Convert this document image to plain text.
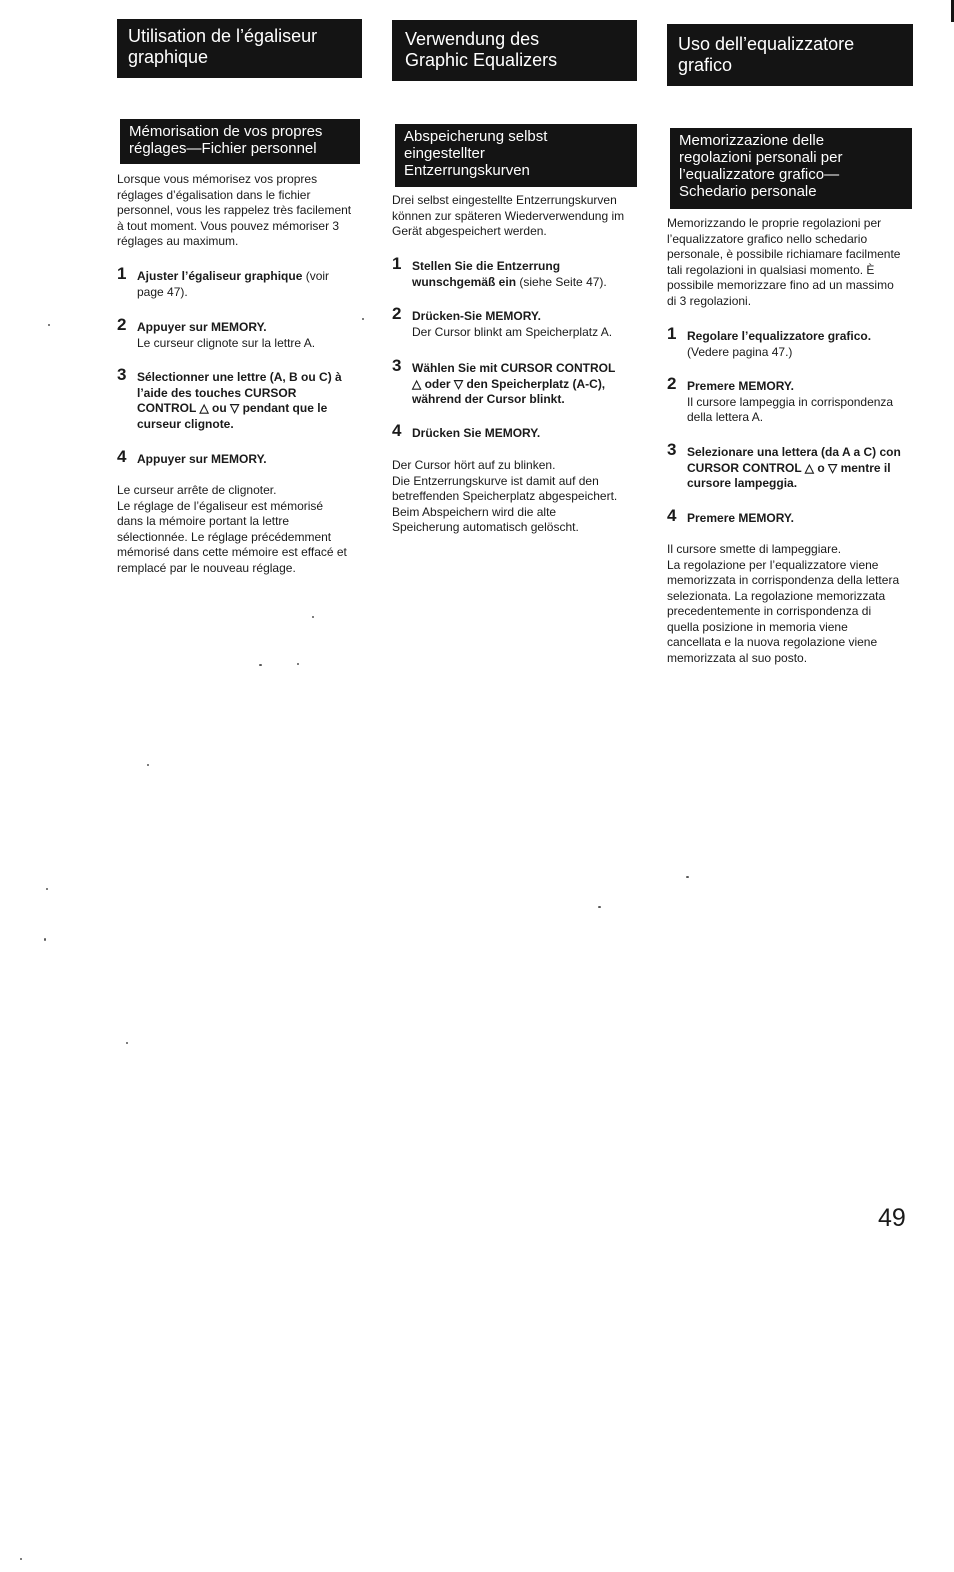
Utilisation de l’égaliseur
graphique
Mémorisation de vos propres
réglages—Fichier personnel

Lorsque vous mémorisez vos propres
réglages d’égalisation dans le fichier
personnel, vous les rappelez très facilement
à tout moment. Vous pouvez mémoriser 3
réglages au maximum.

1 Ajuster l’égaliseur graphique (voir
page 47).

2 Appuyer sur MEMORY.

Le curseur clignote sur la lettre A.

3 Sélectionner une lettre (A, B ou C) à
l’aide des touches CURSOR
CONTROL △ ou ▽ pendant que le
curseur clignote.

4 Appuyer sur MEMORY.

Le curseur arrête de clignoter.
Le réglage de l’égaliseur est mémorisé
dans la mémoire portant la lettre
sélectionnée. Le réglage précédemment
mémorisé dans cette mémoire est effacé et
remplacé par le nouveau réglage.

Verwendung des
Graphic Equalizers
Abspeicherung selbst
eingestellter
Entzerrungskurven

Drei selbst eingestellte Entzerrungskurven
können zur späteren Wiederverwendung im
Gerät abgespeichert werden.

1 Stellen Sie die Entzerrung
wunschgemäß ein (siehe Seite 47).

2 Drücken-Sie MEMORY.

Der Cursor blinkt am Speicherplatz A.

3 Wählen Sie mit CURSOR CONTROL
△ oder ▽ den Speicherplatz (A-C),
während der Cursor blinkt.

4 Drücken Sie MEMORY.

Der Cursor hört auf zu blinken.
Die Entzerrungskurve ist damit auf den
betreffenden Speicherplatz abgespeichert.
Beim Abspeichern wird die alte
Speicherung automatisch gelöscht.

Uso dell’equalizzatore
grafico
Memorizzazione delle
regolazioni personali per
l’equalizzatore grafico—
Schedario personale

Memorizzando le proprie regolazioni per
l’equalizzatore grafico nello schedario
personale, è possibile richiamare facilmente
tali regolazioni in qualsiasi momento. È
possibile memorizzare fino ad un massimo
di 3 regolazioni.

1 Regolare l’equalizzatore grafico.

(Vedere pagina 47.)

2 Premere MEMORY.

Il cursore lampeggia in corrispondenza
della lettera A.

3 Selezionare una lettera (da A a C) con
CURSOR CONTROL △ o ▽ mentre il
cursore lampeggia.

4 Premere MEMORY.

Il cursore smette di lampeggiare.
La regolazione per l’equalizzatore viene
memorizzata in corrispondenza della lettera
selezionata. La regolazione memorizzata
precedentemente in corrispondenza di
quella posizione in memoria viene
cancellata e la nuova regolazione viene
memorizzata al suo posto.

49
